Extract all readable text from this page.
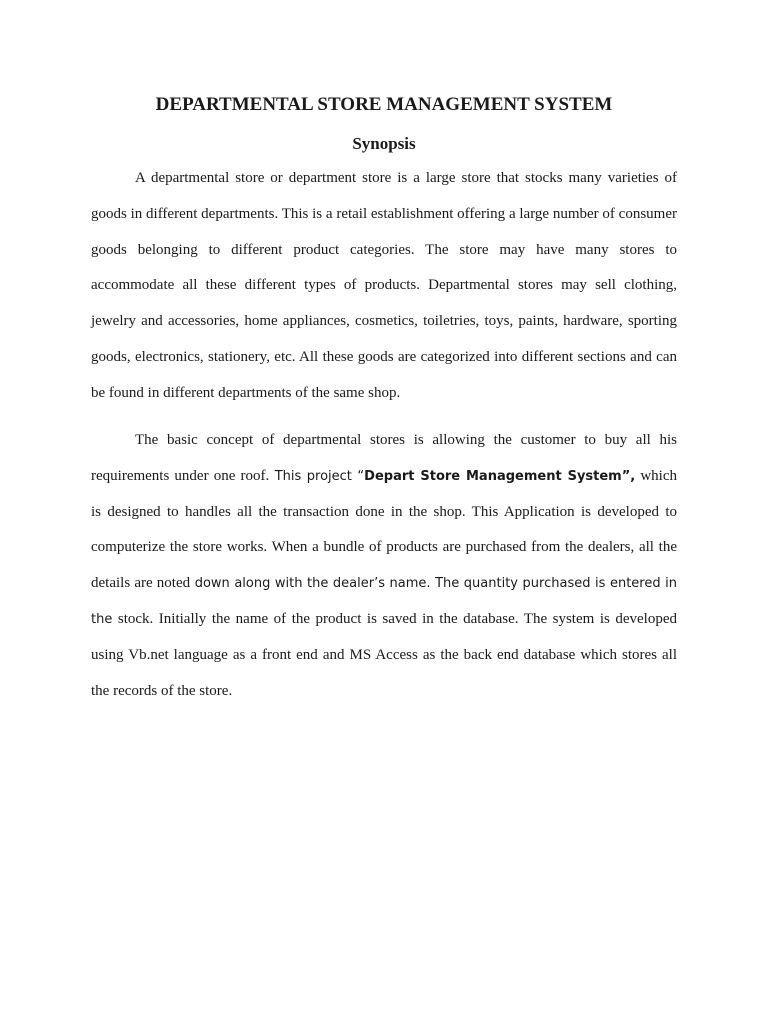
DEPARTMENTAL STORE MANAGEMENT SYSTEM
Synopsis

A departmental store or department store is a large store that stocks many varieties of goods in different departments. This is a retail establishment offering a large number of consumer goods belonging to different product categories. The store may have many stores to accommodate all these different types of products. Departmental stores may sell clothing, jewelry and accessories, home appliances, cosmetics, toiletries, toys, paints, hardware, sporting goods, electronics, stationery, etc. All these goods are categorized into different sections and can be found in different departments of the same shop.

The basic concept of departmental stores is allowing the customer to buy all his requirements under one roof. This project “Depart Store Management System”, which is designed to handles all the transaction done in the shop. This Application is developed to computerize the store works. When a bundle of products are purchased from the dealers, all the details are noted down along with the dealer’s name. The quantity purchased is entered in the stock. Initially the name of the product is saved in the database. The system is developed using Vb.net language as a front end and MS Access as the back end database which stores all the records of the store.
